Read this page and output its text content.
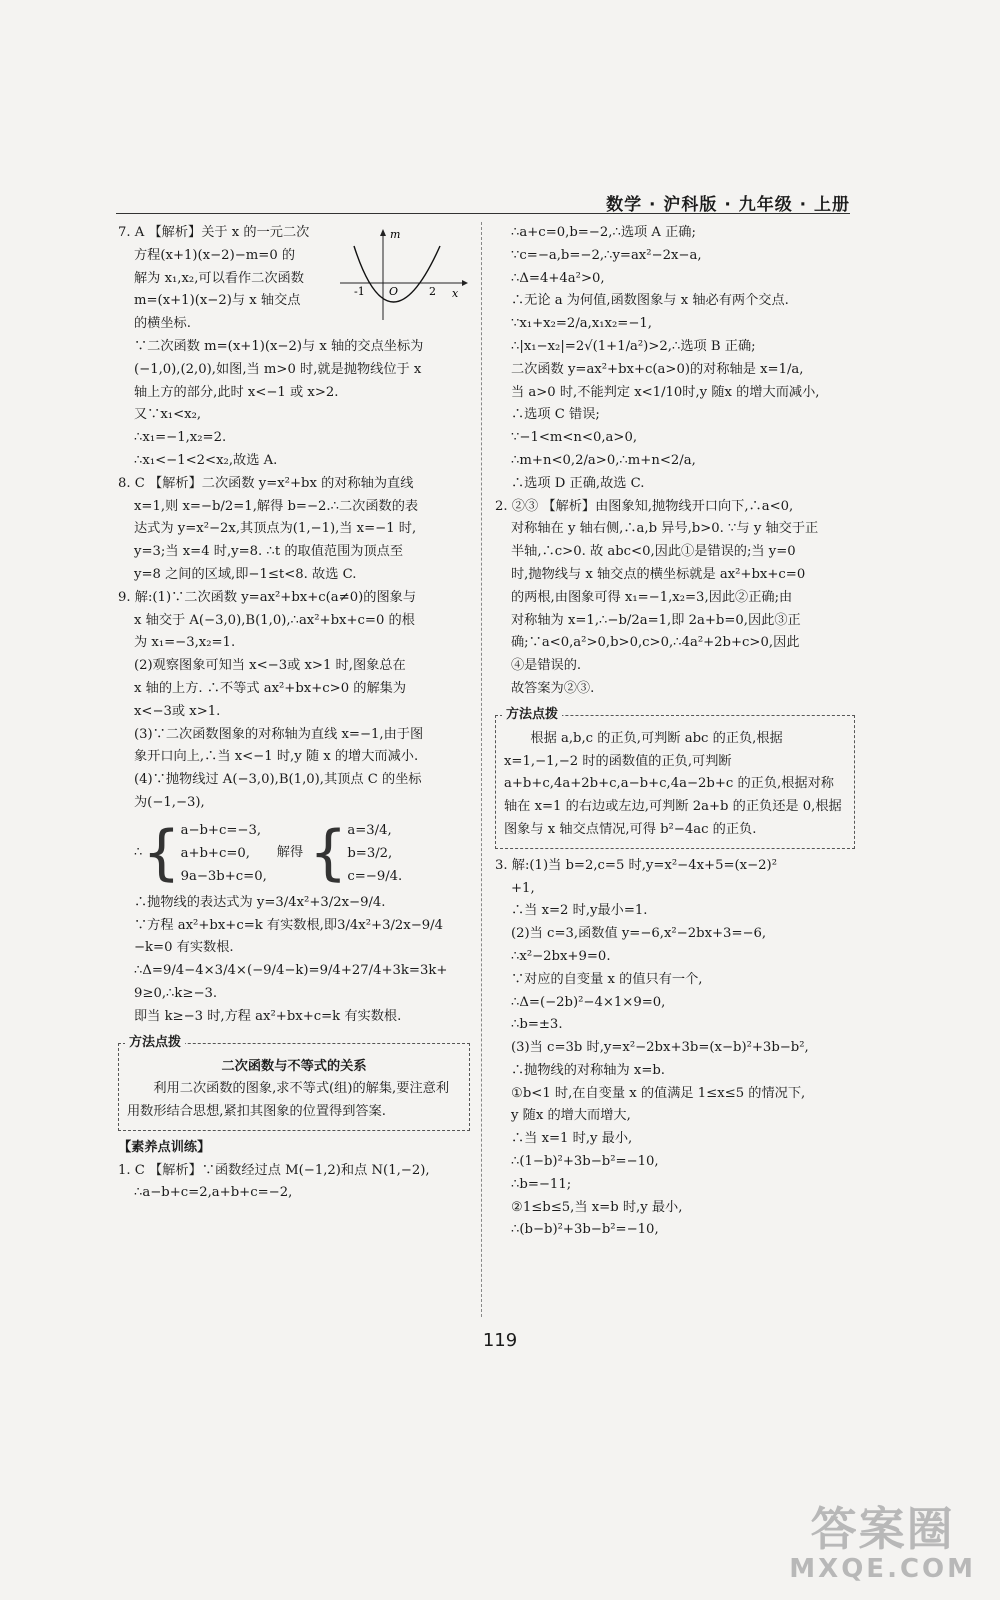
数学 · 沪科版 · 九年级 · 上册
m
x
-1 O	2
7. A 【解析】关于 x 的一元二次
方程(x+1)(x−2)−m=0 的
解为 x₁,x₂,可以看作二次函数
m=(x+1)(x−2)与 x 轴交点
的横坐标.
∵二次函数 m=(x+1)(x−2)与 x 轴的交点坐标为
(−1,0),(2,0),如图,当 m>0 时,就是抛物线位于 x
轴上方的部分,此时 x<−1 或 x>2.
又∵x₁<x₂,
∴x₁=−1,x₂=2.
∴x₁<−1<2<x₂,故选 A.
8. C 【解析】二次函数 y=x²+bx 的对称轴为直线
x=1,则 x=−b/2=1,解得 b=−2.∴二次函数的表
达式为 y=x²−2x,其顶点为(1,−1),当 x=−1 时,
y=3;当 x=4 时,y=8. ∴t 的取值范围为顶点至
y=8 之间的区域,即−1≤t<8. 故选 C.
9. 解:(1)∵二次函数 y=ax²+bx+c(a≠0)的图象与
x 轴交于 A(−3,0),B(1,0),∴ax²+bx+c=0 的根
为 x₁=−3,x₂=1.
(2)观察图象可知当 x<−3或 x>1 时,图象总在
x 轴的上方. ∴不等式 ax²+bx+c>0 的解集为
x<−3或 x>1.
(3)∵二次函数图象的对称轴为直线 x=−1,由于图
象开口向上,∴当 x<−1 时,y 随 x 的增大而减小.
(4)∵抛物线过 A(−3,0),B(1,0),其顶点 C 的坐标
为(−1,−3),
∴ { a−b+c=−3,
a+b+c=0,
9a−3b+c=0,
解得 { a=3/4,
b=3/2,
c=−9/4.
∴抛物线的表达式为 y=3/4x²+3/2x−9/4.
∵方程 ax²+bx+c=k 有实数根,即3/4x²+3/2x−9/4
−k=0 有实数根.
∴Δ=9/4−4×3/4×(−9/4−k)=9/4+27/4+3k=3k+
9≥0,∴k≥−3.
即当 k≥−3 时,方程 ax²+bx+c=k 有实数根.
方法点拨
二次函数与不等式的关系
利用二次函数的图象,求不等式(组)的解集,要注意利用数形结合思想,紧扣其图象的位置得到答案.
【素养点训练】
1. C 【解析】∵函数经过点 M(−1,2)和点 N(1,−2),
∴a−b+c=2,a+b+c=−2,
∴a+c=0,b=−2,∴选项 A 正确;
∵c=−a,b=−2,∴y=ax²−2x−a,
∴Δ=4+4a²>0,
∴无论 a 为何值,函数图象与 x 轴必有两个交点.
∵x₁+x₂=2/a,x₁x₂=−1,
∴|x₁−x₂|=2√(1+1/a²)>2,∴选项 B 正确;
二次函数 y=ax²+bx+c(a>0)的对称轴是 x=1/a,
当 a>0 时,不能判定 x<1/10时,y 随x 的增大而减小,
∴选项 C 错误;
∵−1<m<n<0,a>0,
∴m+n<0,2/a>0,∴m+n<2/a,
∴选项 D 正确,故选 C.
2. ②③ 【解析】由图象知,抛物线开口向下,∴a<0,
对称轴在 y 轴右侧,∴a,b 异号,b>0. ∵与 y 轴交于正
半轴,∴c>0. 故 abc<0,因此①是错误的;当 y=0
时,抛物线与 x 轴交点的横坐标就是 ax²+bx+c=0
的两根,由图象可得 x₁=−1,x₂=3,因此②正确;由
对称轴为 x=1,∴−b/2a=1,即 2a+b=0,因此③正
确;∵a<0,a²>0,b>0,c>0,∴4a²+2b+c>0,因此
④是错误的.
故答案为②③.
方法点拨
根据 a,b,c 的正负,可判断 abc 的正负,根据 x=1,−1,−2 时的函数值的正负,可判断 a+b+c,4a+2b+c,a−b+c,4a−2b+c 的正负,根据对称轴在 x=1 的右边或左边,可判断 2a+b 的正负还是 0,根据图象与 x 轴交点情况,可得 b²−4ac 的正负.
3. 解:(1)当 b=2,c=5 时,y=x²−4x+5=(x−2)²
+1,
∴当 x=2 时,y最小=1.
(2)当 c=3,函数值 y=−6,x²−2bx+3=−6,
∴x²−2bx+9=0.
∵对应的自变量 x 的值只有一个,
∴Δ=(−2b)²−4×1×9=0,
∴b=±3.
(3)当 c=3b 时,y=x²−2bx+3b=(x−b)²+3b−b²,
∴抛物线的对称轴为 x=b.
①b<1 时,在自变量 x 的值满足 1≤x≤5 的情况下,
y 随x 的增大而增大,
∴当 x=1 时,y 最小,
∴(1−b)²+3b−b²=−10,
∴b=−11;
②1≤b≤5,当 x=b 时,y 最小,
∴(b−b)²+3b−b²=−10,
119
答案圈
MXQE.COM
